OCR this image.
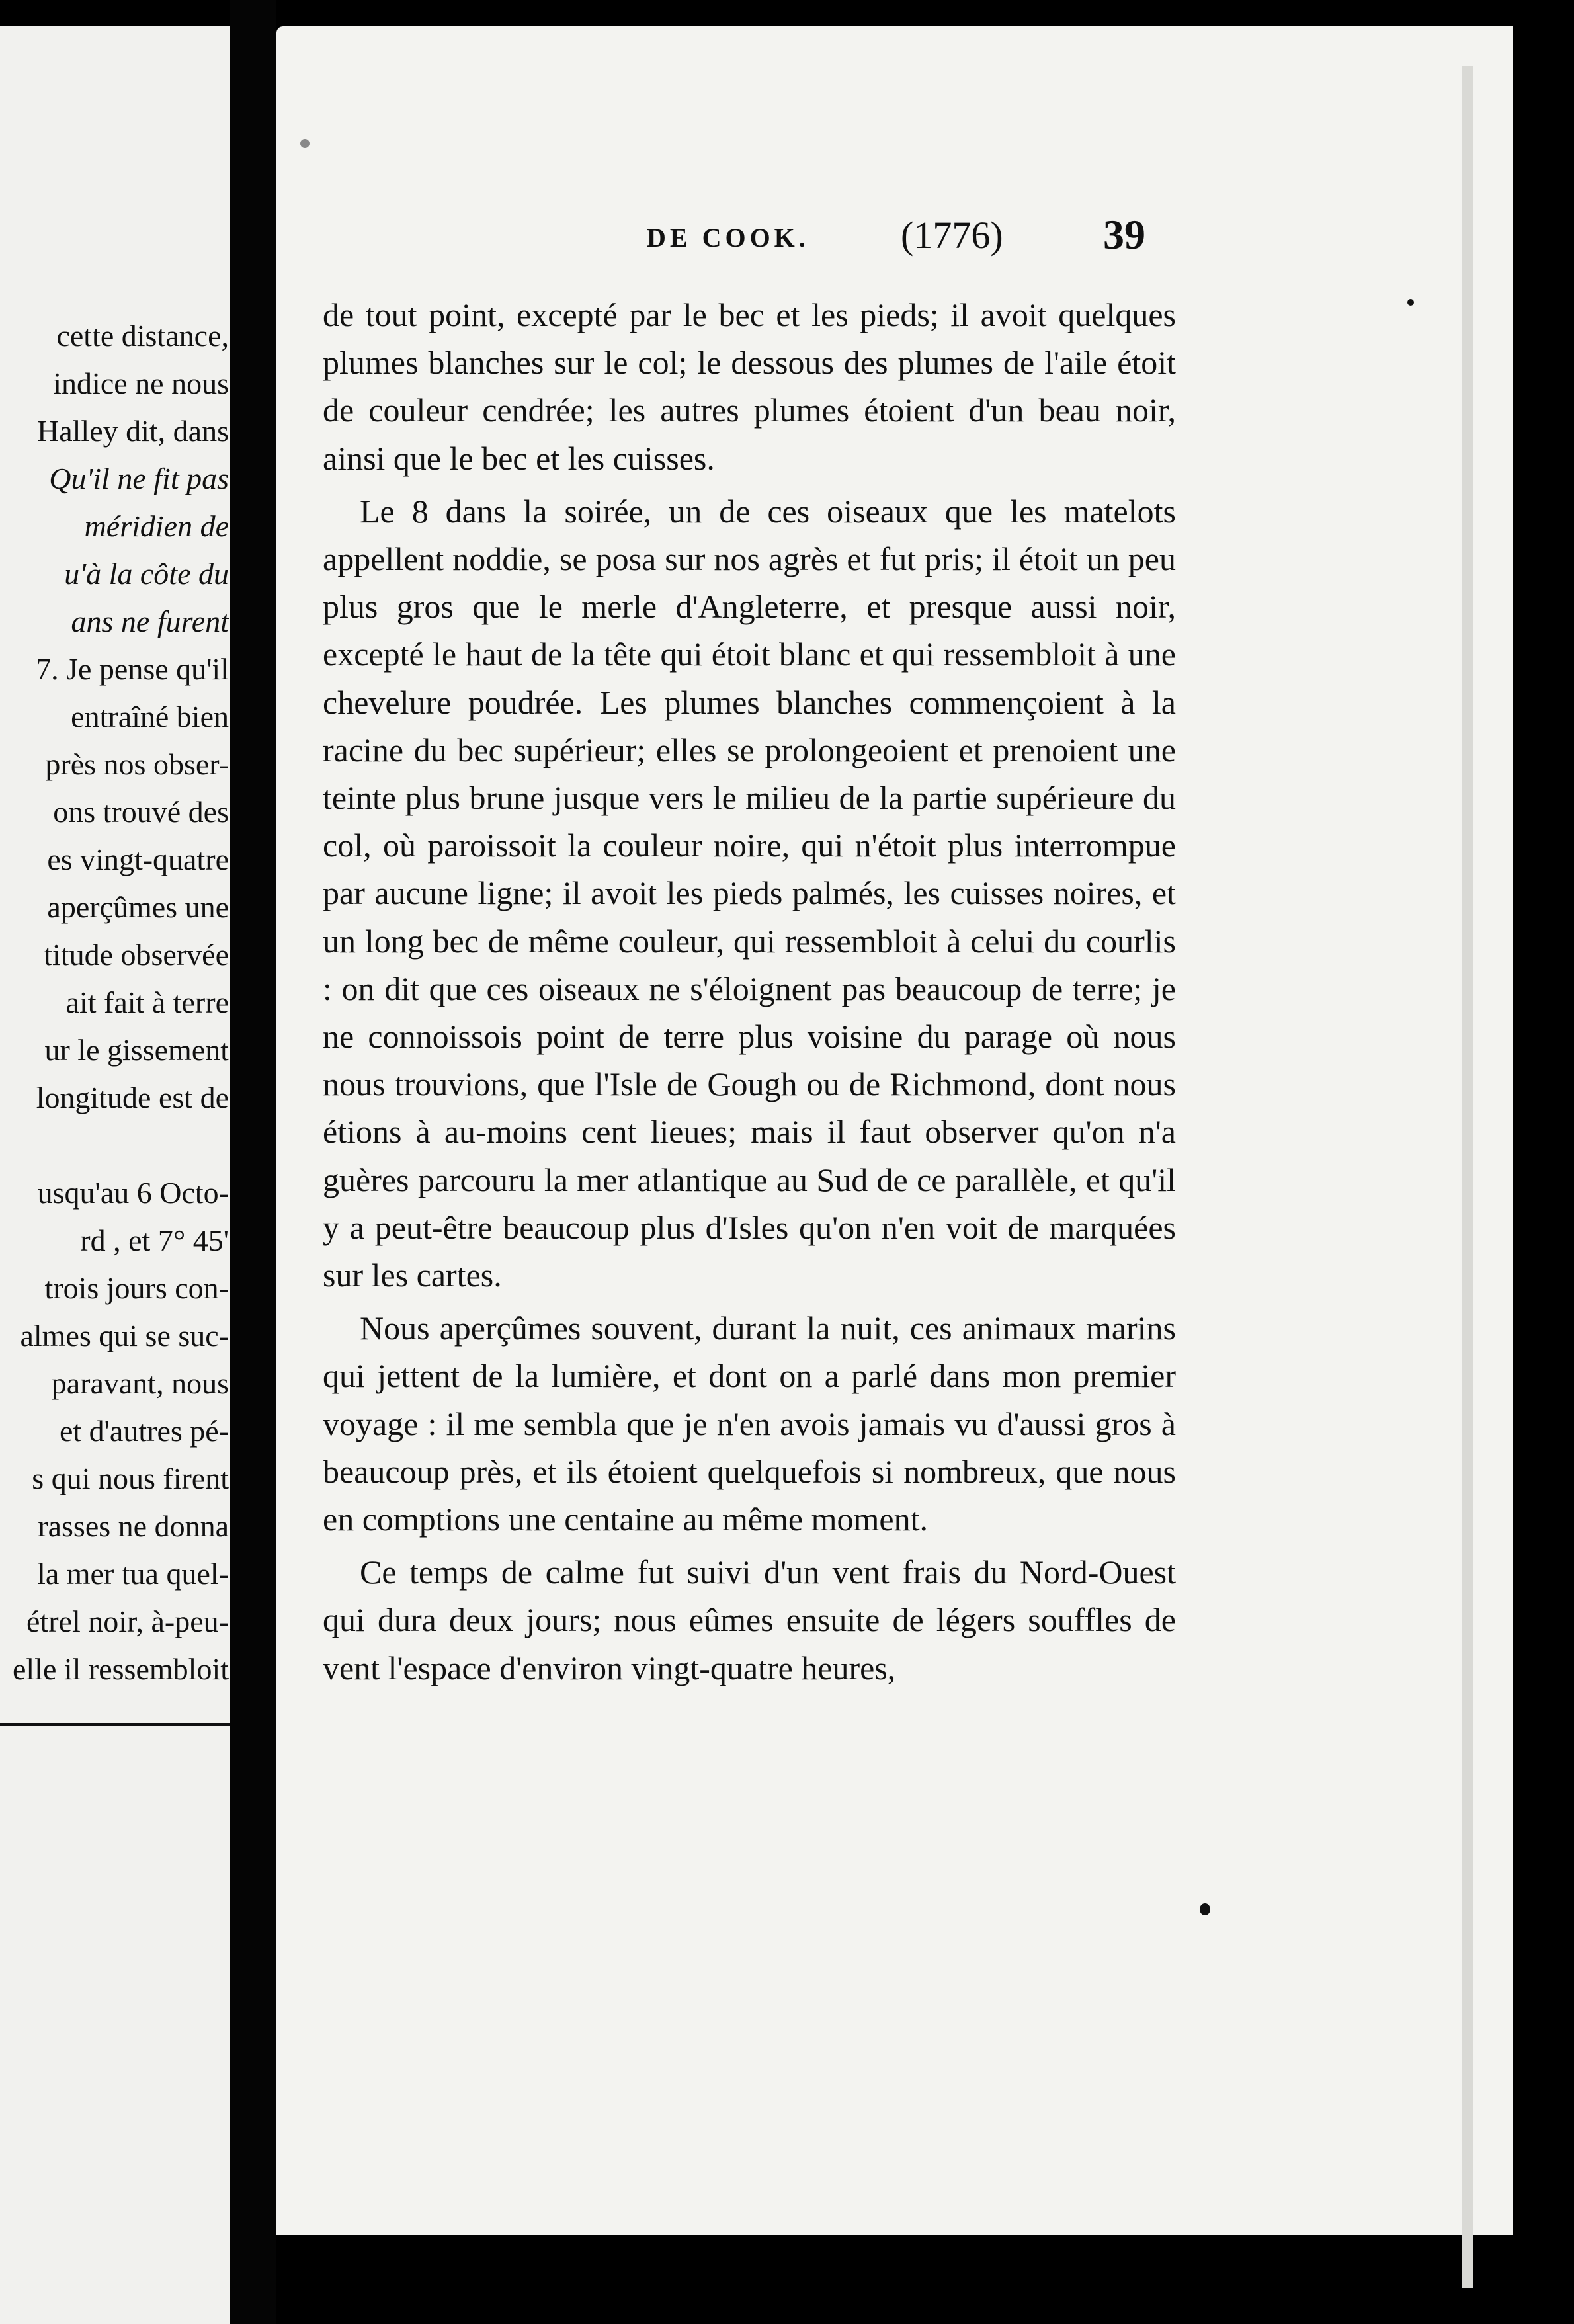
cette distance,
indice ne nous
Halley dit, dans
Qu'il ne fit pas
méridien de
u'à la côte du
ans ne furent
7. Je pense qu'il
entraîné bien
près nos obser-
ons trouvé des
es vingt-quatre
aperçûmes une
titude observée
ait fait à terre
ur le gissement
longitude est de
usqu'au 6 Octo-
rd , et 7° 45'
trois jours con-
almes qui se suc-
paravant, nous
et d'autres pé-
s qui nous firent
rasses ne donna
la mer tua quel-
étrel noir, à-peu-
elle il ressembloit
DE COOK. (1776) 39

de tout point, excepté par le bec et les pieds; il avoit quelques plumes blanches sur le col; le dessous des plumes de l'aile étoit de couleur cendrée; les autres plumes étoient d'un beau noir, ainsi que le bec et les cuisses.

Le 8 dans la soirée, un de ces oiseaux que les matelots appellent noddie, se posa sur nos agrès et fut pris; il étoit un peu plus gros que le merle d'Angleterre, et presque aussi noir, excepté le haut de la tête qui étoit blanc et qui ressembloit à une chevelure poudrée. Les plumes blanches commençoient à la racine du bec supérieur; elles se prolongeoient et prenoient une teinte plus brune jusque vers le milieu de la partie supérieure du col, où paroissoit la couleur noire, qui n'étoit plus interrompue par aucune ligne; il avoit les pieds palmés, les cuisses noires, et un long bec de même couleur, qui ressembloit à celui du courlis : on dit que ces oiseaux ne s'éloignent pas beaucoup de terre; je ne connoissois point de terre plus voisine du parage où nous nous trouvions, que l'Isle de Gough ou de Richmond, dont nous étions à au-moins cent lieues; mais il faut observer qu'on n'a guères parcouru la mer atlantique au Sud de ce parallèle, et qu'il y a peut-être beaucoup plus d'Isles qu'on n'en voit de marquées sur les cartes.

Nous aperçûmes souvent, durant la nuit, ces animaux marins qui jettent de la lumière, et dont on a parlé dans mon premier voyage : il me sembla que je n'en avois jamais vu d'aussi gros à beaucoup près, et ils étoient quelquefois si nombreux, que nous en comptions une centaine au même moment.

Ce temps de calme fut suivi d'un vent frais du Nord-Ouest qui dura deux jours; nous eûmes ensuite de légers souffles de vent l'espace d'environ vingt-quatre heures,
